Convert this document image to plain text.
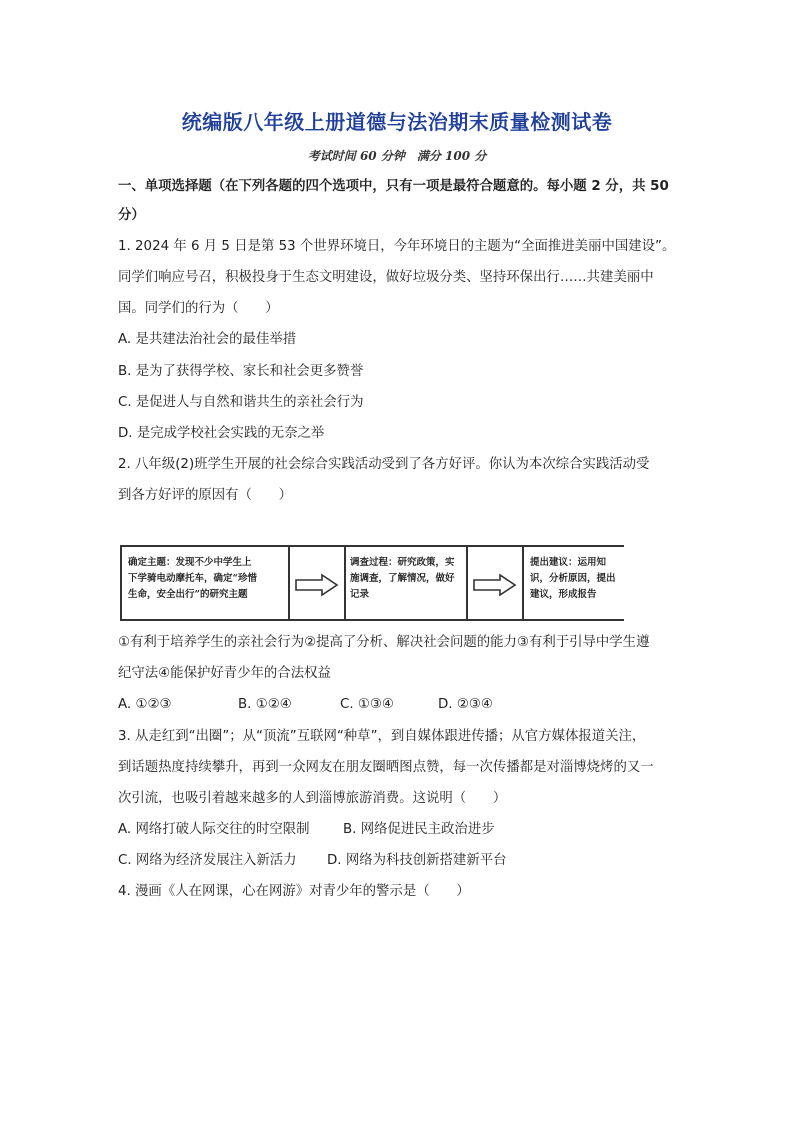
统编版八年级上册道德与法治期末质量检测试卷
考试时间 60 分钟　满分 100 分
一、单项选择题（在下列各题的四个选项中，只有一项是最符合题意的。每小题 2 分，共 50
分）
1. 2024 年 6 月 5 日是第 53 个世界环境日，今年环境日的主题为“全面推进美丽中国建设”。
同学们响应号召，积极投身于生态文明建设，做好垃圾分类、坚持环保出行……共建美丽中
国。同学们的行为（　　）
A. 是共建法治社会的最佳举措
B. 是为了获得学校、家长和社会更多赞誉
C. 是促进人与自然和谐共生的亲社会行为
D. 是完成学校社会实践的无奈之举
2. 八年级(2)班学生开展的社会综合实践活动受到了各方好评。你认为本次综合实践活动受
到各方好评的原因有（　　）
确定主题：发现不少中学生上
下学骑电动摩托车，确定“珍惜
生命，安全出行”的研究主题
调查过程：研究政策，实
施调查，了解情况，做好
记录
提出建议：运用知
识，分析原因，提出
建议，形成报告
①有利于培养学生的亲社会行为②提高了分析、解决社会问题的能力③有利于引导中学生遵
纪守法④能保护好青少年的合法权益
A. ①②③	B. ①②④	C. ①③④	D. ②③④
3. 从走红到“出圈”；从“顶流”互联网“种草”，到自媒体跟进传播；从官方媒体报道关注，
到话题热度持续攀升，再到一众网友在朋友圈晒图点赞，每一次传播都是对淄博烧烤的又一
次引流，也吸引着越来越多的人到淄博旅游消费。这说明（　　）
A. 网络打破人际交往的时空限制 B. 网络促进民主政治进步
C. 网络为经济发展注入新活力 D. 网络为科技创新搭建新平台
4. 漫画《人在网课，心在网游》对青少年的警示是（　　）
